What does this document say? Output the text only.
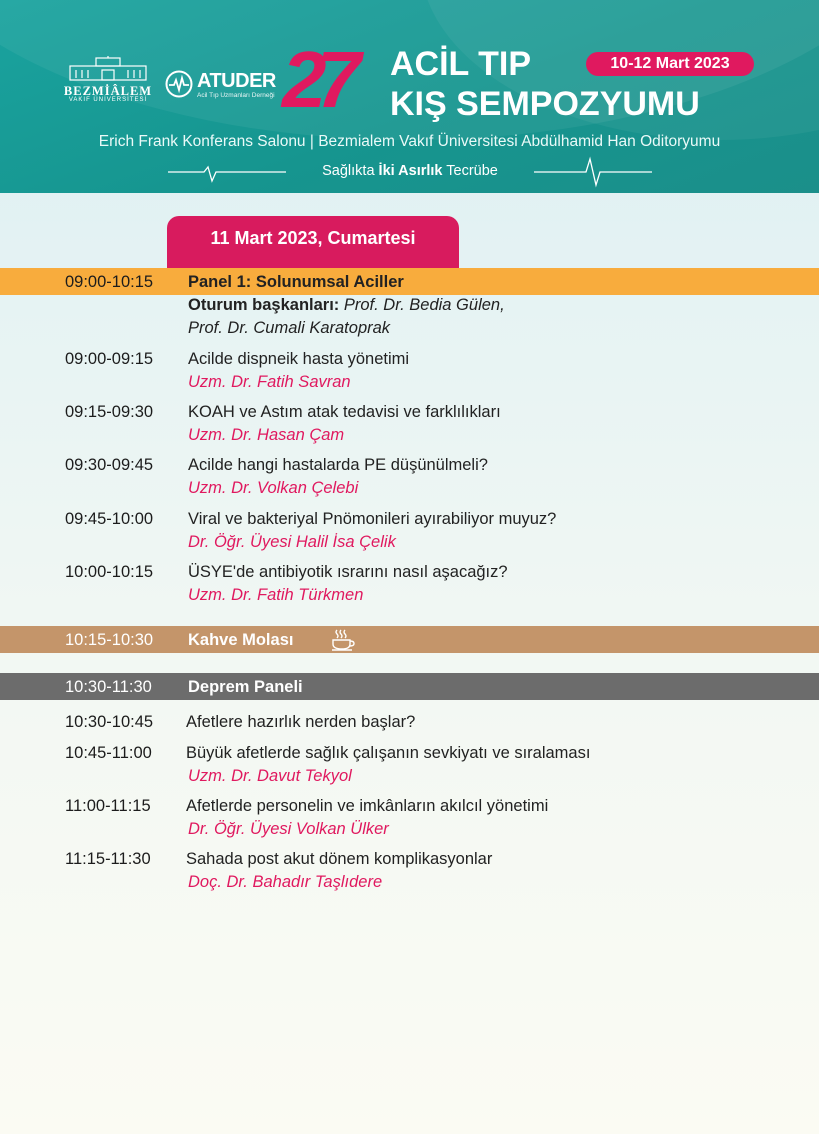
BEZMİÂLEM
VAKIF ÜNİVERSİTESİ
ATUDER
Acil Tıp Uzmanları Derneği 27 ACİL TIP
KIŞ SEMPOZYUMU
10-12 Mart 2023
Erich Frank Konferans Salonu | Bezmialem Vakıf Üniversitesi Abdülhamid Han Oditoryumu
Sağlıkta İki Asırlık Tecrübe
11 Mart 2023, Cumartesi
09:00-10:15 Panel 1: Solunumsal Aciller
Oturum başkanları: Prof. Dr. Bedia Gülen,
Prof. Dr. Cumali Karatoprak
09:00-09:15 Acilde dispneik hasta yönetimi
Uzm. Dr. Fatih Savran
09:15-09:30 KOAH ve Astım atak tedavisi ve farklılıkları
Uzm. Dr. Hasan Çam
09:30-09:45 Acilde hangi hastalarda PE düşünülmeli?
Uzm. Dr. Volkan Çelebi
09:45-10:00 Viral ve bakteriyal Pnömonileri ayırabiliyor muyuz?
Dr. Öğr. Üyesi Halil İsa Çelik
10:00-10:15 ÜSYE'de antibiyotik ısrarını nasıl aşacağız?
Uzm. Dr. Fatih Türkmen
10:15-10:30 Kahve Molası
10:30-11:30 Deprem Paneli
10:30-10:45 Afetlere hazırlık nerden başlar?
10:45-11:00 Büyük afetlerde sağlık çalışanın sevkiyatı ve sıralaması
Uzm. Dr. Davut Tekyol
11:00-11:15 Afetlerde personelin ve imkânların akılcıl yönetimi
Dr. Öğr. Üyesi Volkan Ülker
11:15-11:30 Sahada post akut dönem komplikasyonlar
Doç. Dr. Bahadır Taşlıdere
